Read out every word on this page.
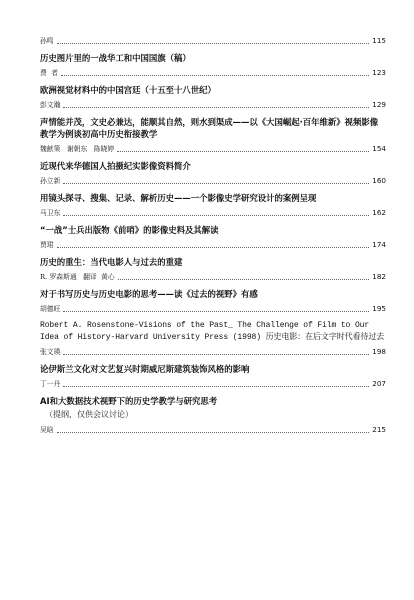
孙鸣	115
历史图片里的一战华工和中国国旗（稿）
费  者	123
欧洲视觉材料中的中国宫廷（十五至十八世纪）
彭文瀚	129
声情能并茂，文史必兼达，能顺其自然，则水到渠成——以《大国崛起·百年维新》视频影像教学为例谈初高中历史衔接教学
魏献策   谢朝东   陈晓婷	154
近现代来华德国人拍摄纪实影像资料简介
孙立新	160
用镜头探寻、搜集、记录、解析历史——一个影像史学研究设计的案例呈现
马卫东	162
“一战”士兵出版物《前哨》的影像史料及其解读
贾珺	174
历史的重生：当代电影人与过去的重建
R. 罗森斯通   翻译  黄心	182
对于书写历史与历史电影的思考——读《过去的视野》有感
胡德旺	195
Robert A. Rosenstone-Visions of the Past_ The Challenge of Film to Our Idea of History-Harvard University Press (1998) 历史电影：在后文字时代看待过去
张文瑛	198
论伊斯兰文化对文艺复兴时期威尼斯建筑装饰风格的影响
丁一丹	207
AI和大数据技术视野下的历史学教学与研究思考
（提纲，仅供会议讨论）
吴晗	215
